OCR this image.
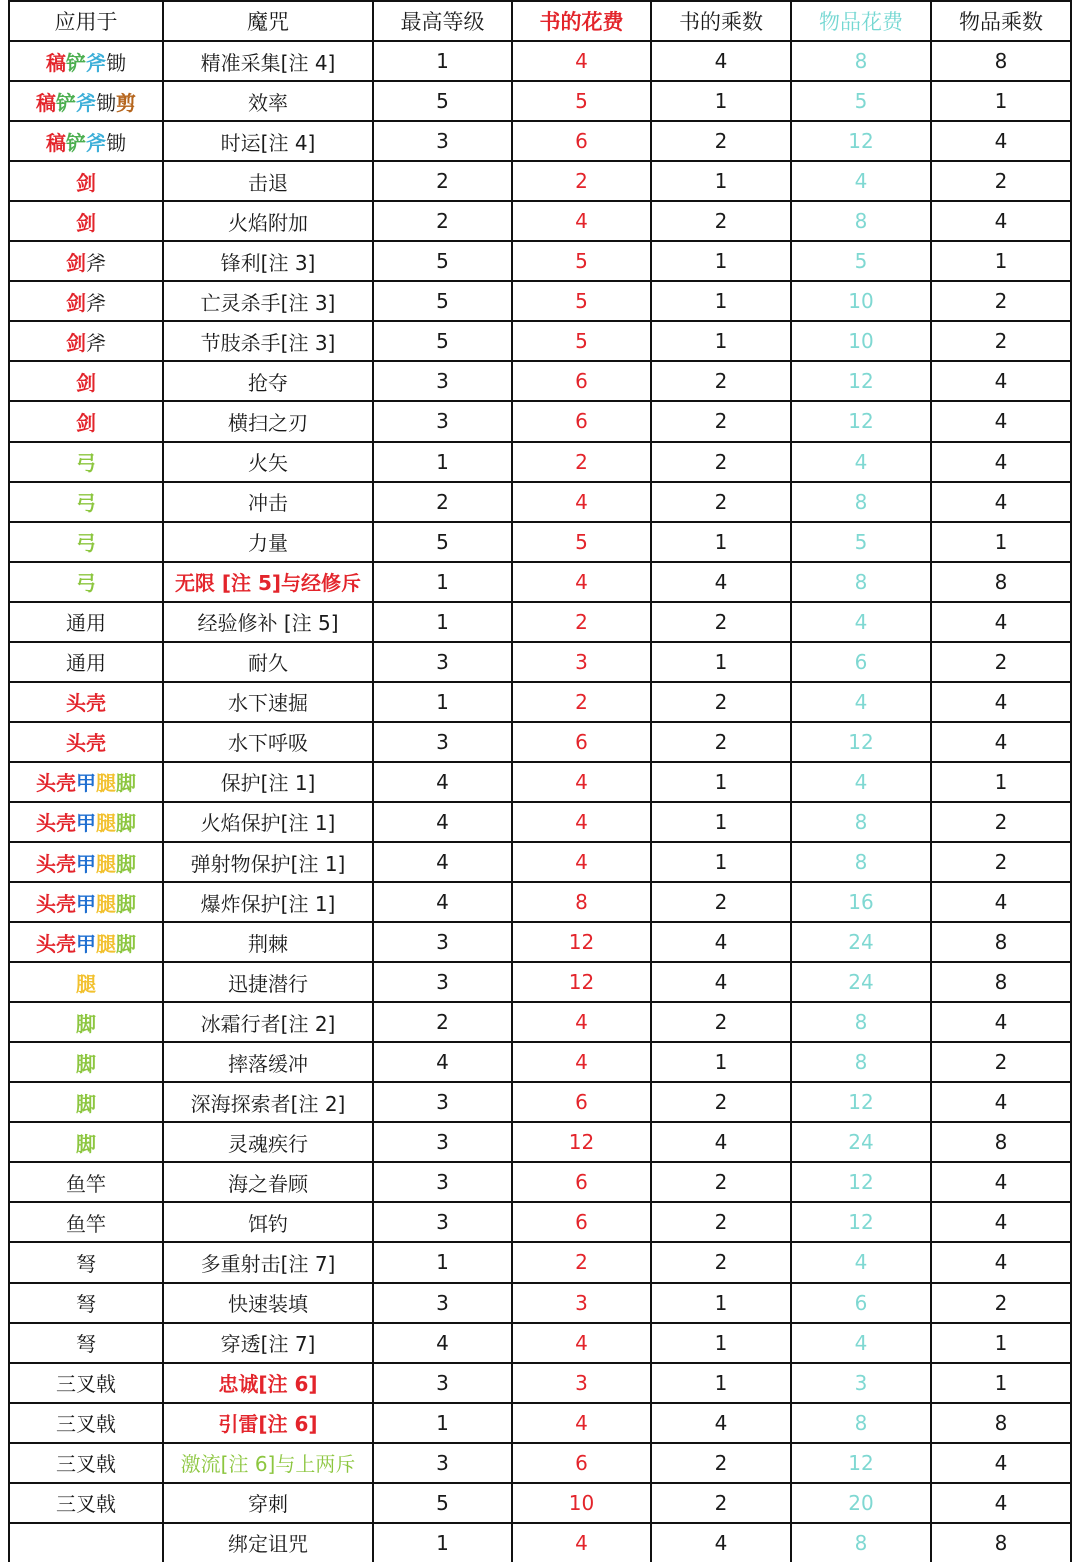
应用于	魔咒	最高等级	书的花费	书的乘数	物品花费	物品乘数
稿铲斧锄	精准采集[注 4]	1	4	4	8	8
稿铲斧锄剪	效率	5	5	1	5	1
稿铲斧锄	时运[注 4]	3	6	2	12	4
剑	击退	2	2	1	4	2
剑	火焰附加	2	4	2	8	4
剑斧	锋利[注 3]	5	5	1	5	1
剑斧	亡灵杀手[注 3]	5	5	1	10	2
剑斧	节肢杀手[注 3]	5	5	1	10	2
剑	抢夺	3	6	2	12	4
剑	横扫之刃	3	6	2	12	4
弓	火矢	1	2	2	4	4
弓	冲击	2	4	2	8	4
弓	力量	5	5	1	5	1
弓	无限 [注 5]与经修斥	1	4	4	8	8
通用	经验修补 [注 5]	1	2	2	4	4
通用	耐久	3	3	1	6	2
头壳	水下速掘	1	2	2	4	4
头壳	水下呼吸	3	6	2	12	4
头壳甲腿脚	保护[注 1]	4	4	1	4	1
头壳甲腿脚	火焰保护[注 1]	4	4	1	8	2
头壳甲腿脚	弹射物保护[注 1]	4	4	1	8	2
头壳甲腿脚	爆炸保护[注 1]	4	8	2	16	4
头壳甲腿脚	荆棘	3	12	4	24	8
腿	迅捷潜行	3	12	4	24	8
脚	冰霜行者[注 2]	2	4	2	8	4
脚	摔落缓冲	4	4	1	8	2
脚	深海探索者[注 2]	3	6	2	12	4
脚	灵魂疾行	3	12	4	24	8
鱼竿	海之眷顾	3	6	2	12	4
鱼竿	饵钓	3	6	2	12	4
弩	多重射击[注 7]	1	2	2	4	4
弩	快速装填	3	3	1	6	2
弩	穿透[注 7]	4	4	1	4	1
三叉戟	忠诚[注 6]	3	3	1	3	1
三叉戟	引雷[注 6]	1	4	4	8	8
三叉戟	激流[注 6]与上两斥	3	6	2	12	4
三叉戟	穿刺	5	10	2	20	4
	绑定诅咒	1	4	4	8	8
